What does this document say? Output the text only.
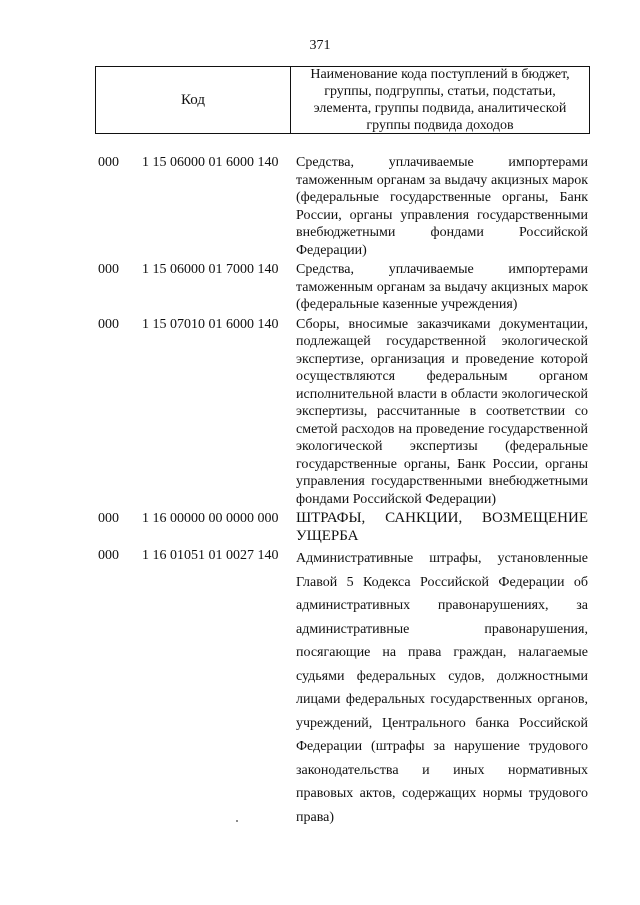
371
Код
Наименование кода поступлений в бюджет, группы, подгруппы, статьи, подстатьи, элемента, группы подвида, аналитической группы подвида доходов
000	1 15 06000 01 6000 140	Средства, уплачиваемые импортерами таможенным органам за выдачу акцизных марок (федеральные государственные органы, Банк России, органы управления государственными внебюджетными фондами Российской Федерации)
000	1 15 06000 01 7000 140	Средства, уплачиваемые импортерами таможенным органам за выдачу акцизных марок (федеральные казенные учреждения)
000	1 15 07010 01 6000 140	Сборы, вносимые заказчиками документации, подлежащей государственной экологической экспертизе, организация и проведение которой осуществляются федеральным органом исполнительной власти в области экологической экспертизы, рассчитанные в соответствии со сметой расходов на проведение государственной экологической экспертизы (федеральные государственные органы, Банк России, органы управления государственными внебюджетными фондами Российской Федерации)
000	1 16 00000 00 0000 000	ШТРАФЫ, САНКЦИИ, ВОЗМЕЩЕНИЕ УЩЕРБА
000	1 16 01051 01 0027 140	Административные штрафы, установленные Главой 5 Кодекса Российской Федерации об административных правонарушениях, за административные правонарушения, посягающие на права граждан, налагаемые судьями федеральных судов, должностными лицами федеральных государственных органов, учреждений, Центрального банка Российской Федерации (штрафы за нарушение трудового законодательства и иных нормативных правовых актов, содержащих нормы трудового права)
